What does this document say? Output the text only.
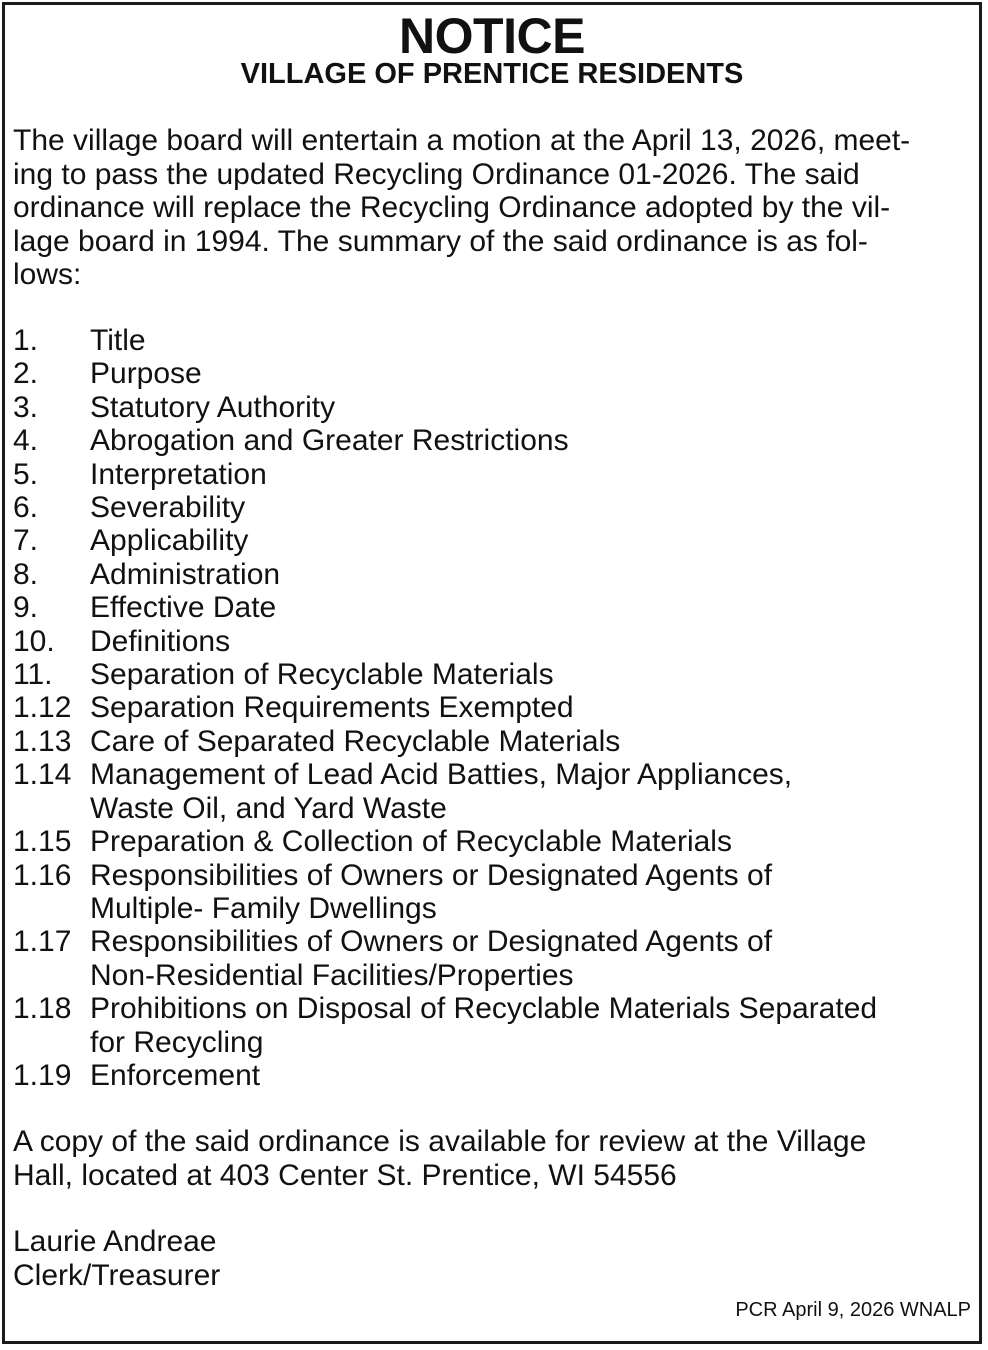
NOTICE
VILLAGE OF PRENTICE RESIDENTS
The village board will entertain a motion at the April 13, 2026, meet-
ing to pass the updated Recycling Ordinance 01-2026. The said
ordinance will replace the Recycling Ordinance adopted by the vil-
lage board in 1994. The summary of the said ordinance is as fol-
lows:
1. Title
2. Purpose
3. Statutory Authority
4. Abrogation and Greater Restrictions
5. Interpretation
6. Severability
7. Applicability
8. Administration
9. Effective Date
10. Definitions
11. Separation of Recyclable Materials
1.12 Separation Requirements Exempted
1.13 Care of Separated Recyclable Materials
1.14 Management of Lead Acid Batties, Major Appliances,
Waste Oil, and Yard Waste
1.15 Preparation & Collection of Recyclable Materials
1.16 Responsibilities of Owners or Designated Agents of
Multiple- Family Dwellings
1.17 Responsibilities of Owners or Designated Agents of
Non-Residential Facilities/Properties
1.18 Prohibitions on Disposal of Recyclable Materials Separated
for Recycling
1.19 Enforcement
A copy of the said ordinance is available for review at the Village
Hall, located at 403 Center St. Prentice, WI 54556
Laurie Andreae
Clerk/Treasurer
PCR April 9, 2026 WNALP
